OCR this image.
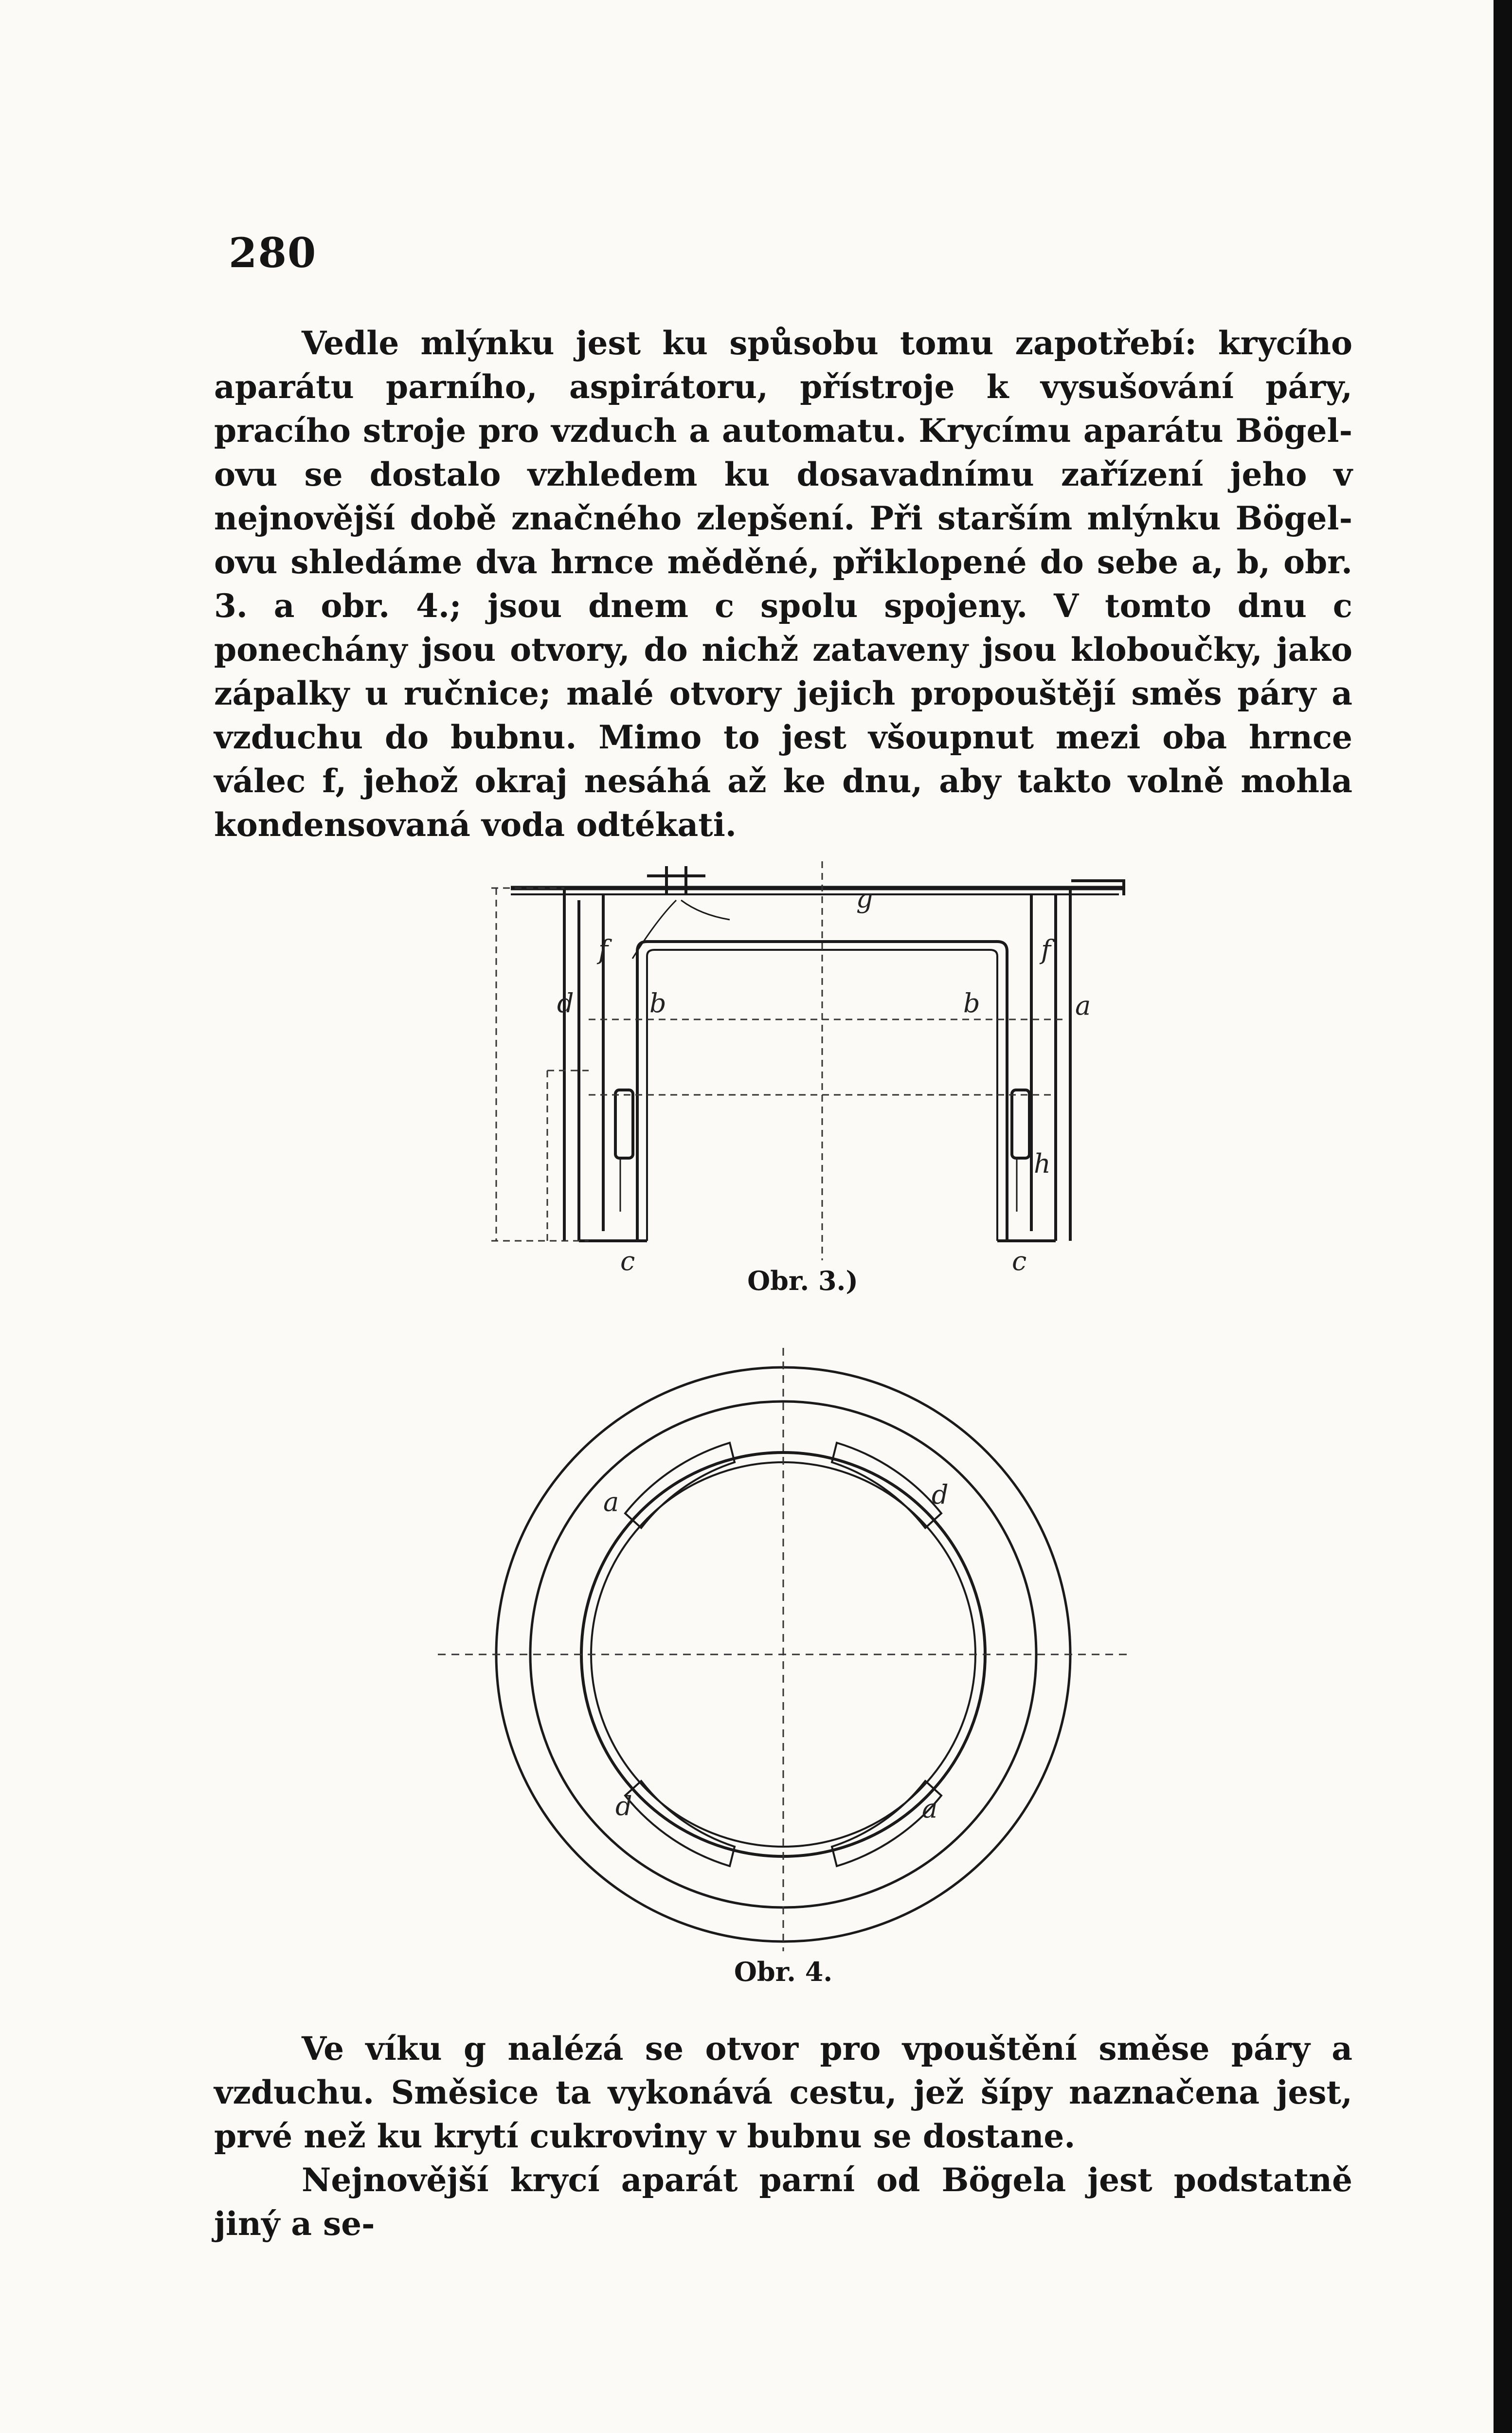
280

Vedle mlýnku jest ku spůsobu tomu zapotřebí: krycího aparátu parního, aspirátoru, přístroje k vysušování páry, pracího stroje pro vzduch a automatu. Krycímu aparátu Bögel-ovu se dostalo vzhledem ku dosavadnímu zařízení jeho v nejnovější době značného zlepšení. Při starším mlýnku Bögel-ovu shledáme dva hrnce měděné, přiklopené do sebe a, b, obr. 3. a obr. 4.; jsou dnem c spolu spojeny. V tomto dnu c ponechány jsou otvory, do nichž zataveny jsou kloboučky, jako zápalky u ručnice; malé otvory jejich propouštějí směs páry a vzduchu do bubnu. Mimo to jest všoupnut mezi oba hrnce válec f, jehož okraj nesáhá až ke dnu, aby takto volně mohla kondensovaná voda odtékati.

g
f	f
d	b	b	a
h
c	c
Obr. 3.)
a	d
d	a
Obr. 4.

Ve víku g nalézá se otvor pro vpouštění směse páry a vzduchu. Směsice ta vykonává cestu, jež šípy naznačena jest, prvé než ku krytí cukroviny v bubnu se dostane.

Nejnovější krycí aparát parní od Bögela jest podstatně jiný a se-
